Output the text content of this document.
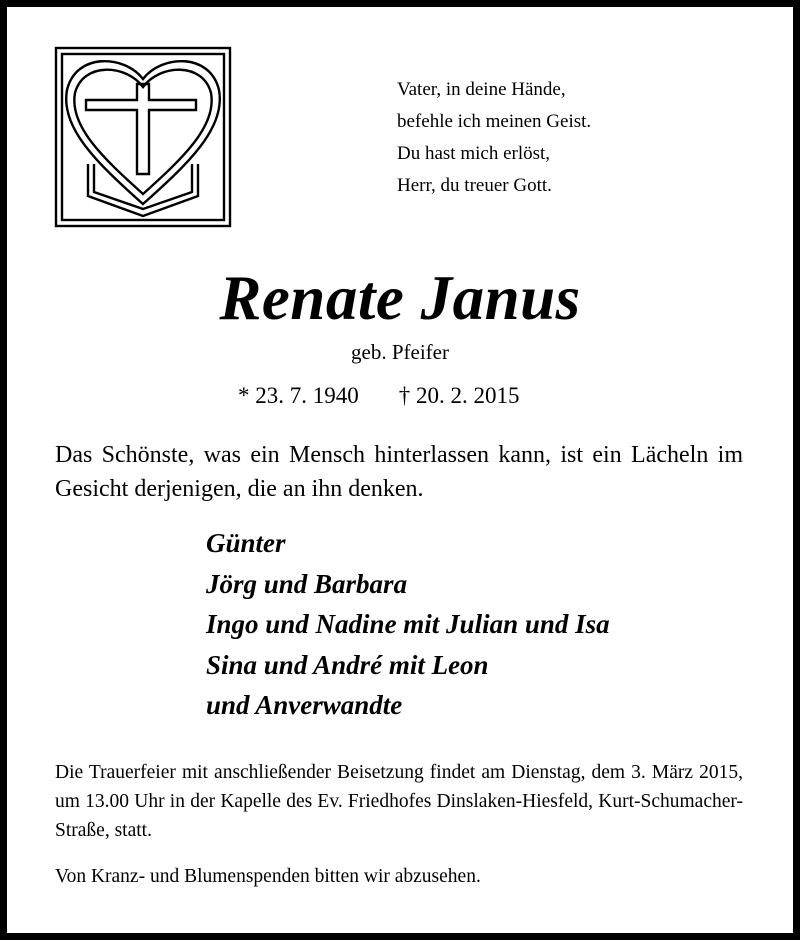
Vater, in deine Hände,
befehle ich meinen Geist.
Du hast mich erlöst,
Herr, du treuer Gott.
Renate Janus
geb. Pfeifer
* 23. 7. 1940 † 20. 2. 2015
Das Schönste, was ein Mensch hinterlassen kann, ist ein Lächeln im Gesicht derjenigen, die an ihn denken.
Günter
Jörg und Barbara
Ingo und Nadine mit Julian und Isa
Sina und André mit Leon
und Anverwandte
Die Trauerfeier mit anschließender Beisetzung findet am Dienstag, dem 3. März 2015, um 13.00 Uhr in der Kapelle des Ev. Friedhofes Dinslaken-Hiesfeld, Kurt-Schumacher-Straße, statt.
Von Kranz- und Blumenspenden bitten wir abzusehen.
